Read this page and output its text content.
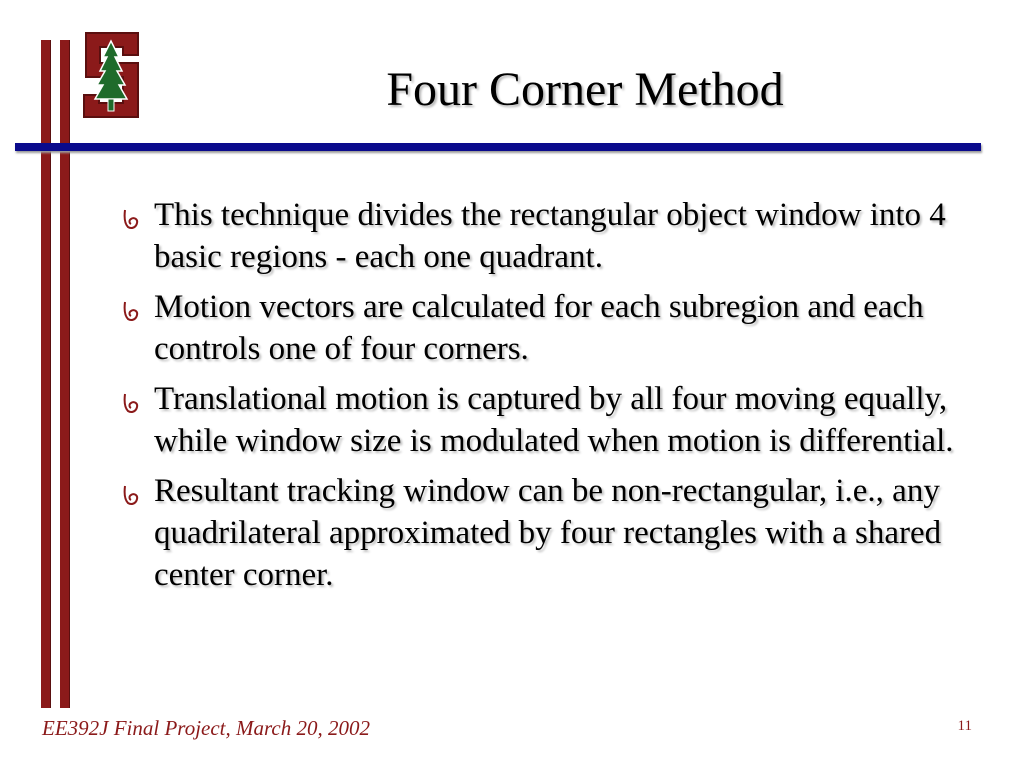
Four Corner Method
This technique divides the rectangular object window into 4 basic regions - each one quadrant.
Motion vectors are calculated for each subregion and each controls one of four corners.
Translational motion is captured by all four moving equally, while window size is modulated when motion is differential.
Resultant tracking window can be non-rectangular, i.e., any quadrilateral approximated by four rectangles with a shared center corner.
EE392J Final Project, March 20, 2002	11
